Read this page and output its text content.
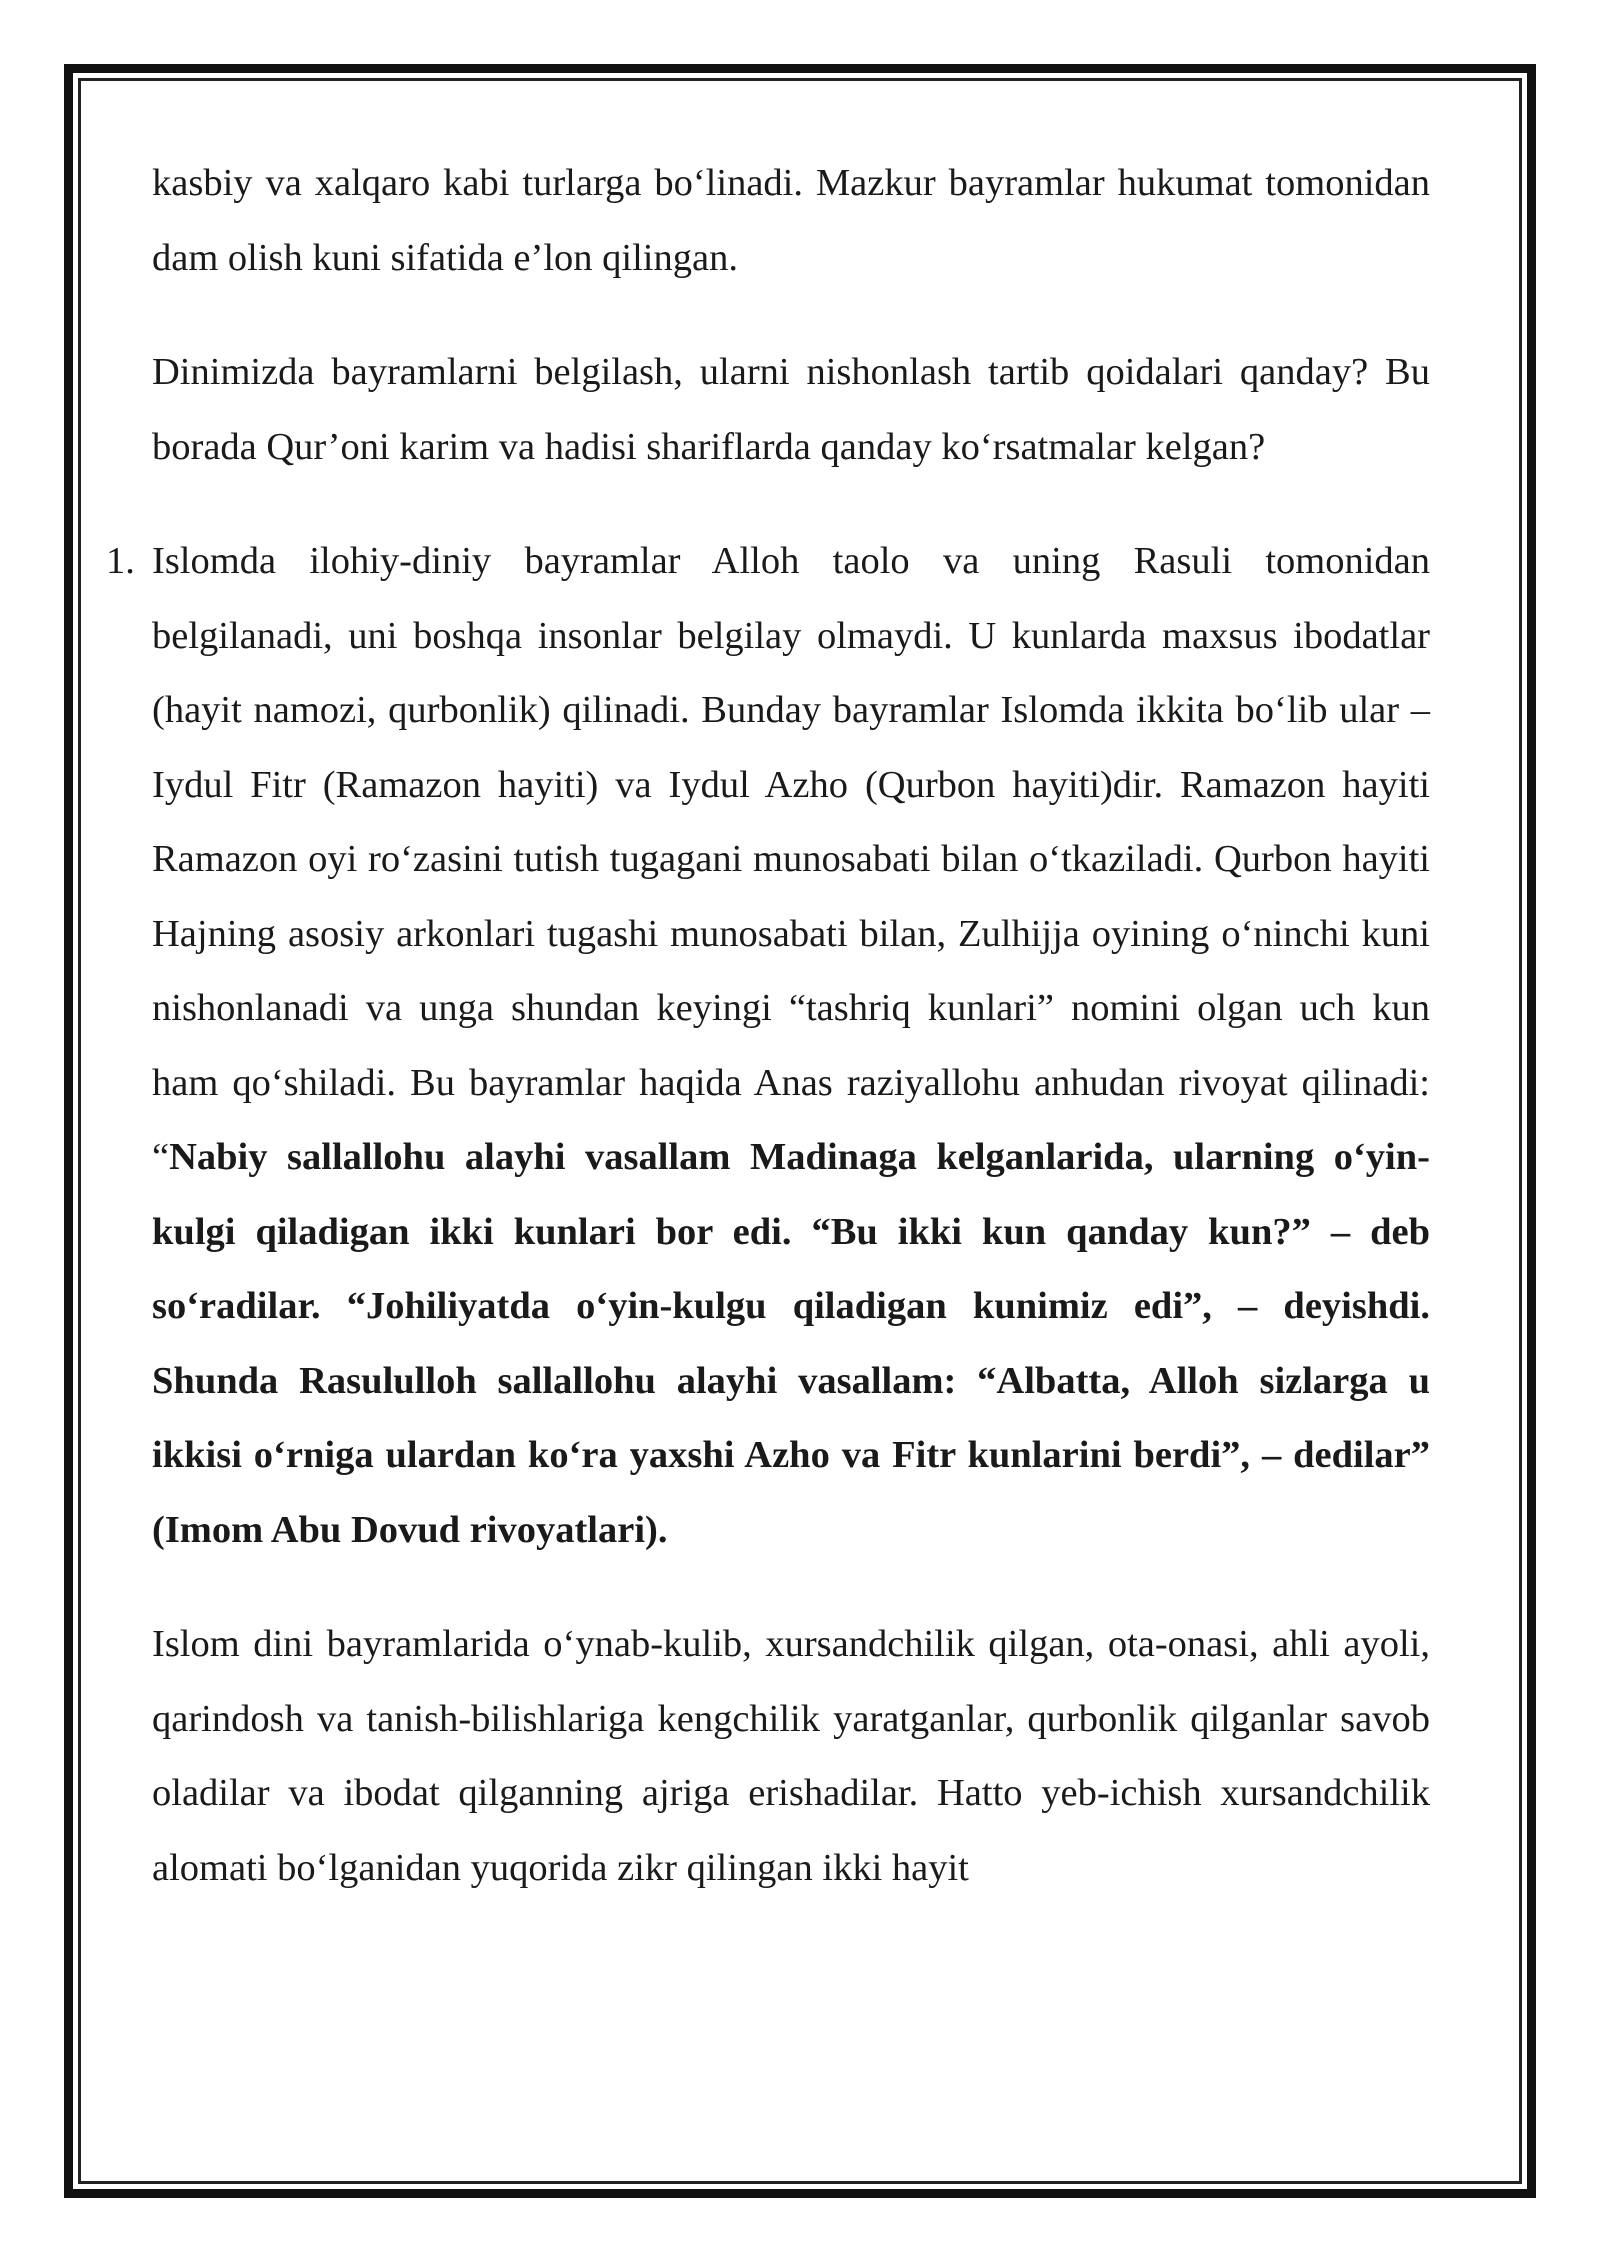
kasbiy va xalqaro kabi turlarga bo‘linadi. Mazkur bayramlar hukumat tomonidan dam olish kuni sifatida e’lon qilingan.

Dinimizda bayramlarni belgilash, ularni nishonlash tartib qoidalari qanday? Bu borada Qur’oni karim va hadisi shariflarda qanday ko‘rsatmalar kelgan?

1. Islomda ilohiy-diniy bayramlar Alloh taolo va uning Rasuli tomonidan belgilanadi, uni boshqa insonlar belgilay olmaydi. U kunlarda maxsus ibodatlar (hayit namozi, qurbonlik) qilinadi. Bunday bayramlar Islomda ikkita bo‘lib ular – Iydul Fitr (Ramazon hayiti) va Iydul Azho (Qurbon hayiti)dir. Ramazon hayiti Ramazon oyi ro‘zasini tutish tugagani munosabati bilan o‘tkaziladi. Qurbon hayiti Hajning asosiy arkonlari tugashi munosabati bilan, Zulhijja oyining o‘ninchi kuni nishonlanadi va unga shundan keyingi “tashriq kunlari” nomini olgan uch kun ham qo‘shiladi. Bu bayramlar haqida Anas raziyallohu anhudan rivoyat qilinadi: “Nabiy sallallohu alayhi vasallam Madinaga kelganlarida, ularning o‘yin-kulgi qiladigan ikki kunlari bor edi. “Bu ikki kun qanday kun?” – deb so‘radilar. “Johiliyatda o‘yin-kulgu qiladigan kunimiz edi”, – deyishdi. Shunda Rasululloh sallallohu alayhi vasallam: “Albatta, Alloh sizlarga u ikkisi o‘rniga ulardan ko‘ra yaxshi Azho va Fitr kunlarini berdi”, – dedilar” (Imom Abu Dovud rivoyatlari).

Islom dini bayramlarida o‘ynab-kulib, xursandchilik qilgan, ota-onasi, ahli ayoli, qarindosh va tanish-bilishlariga kengchilik yaratganlar, qurbonlik qilganlar savob oladilar va ibodat qilganning ajriga erishadilar. Hatto yeb-ichish xursandchilik alomati bo‘lganidan yuqorida zikr qilingan ikki hayit
